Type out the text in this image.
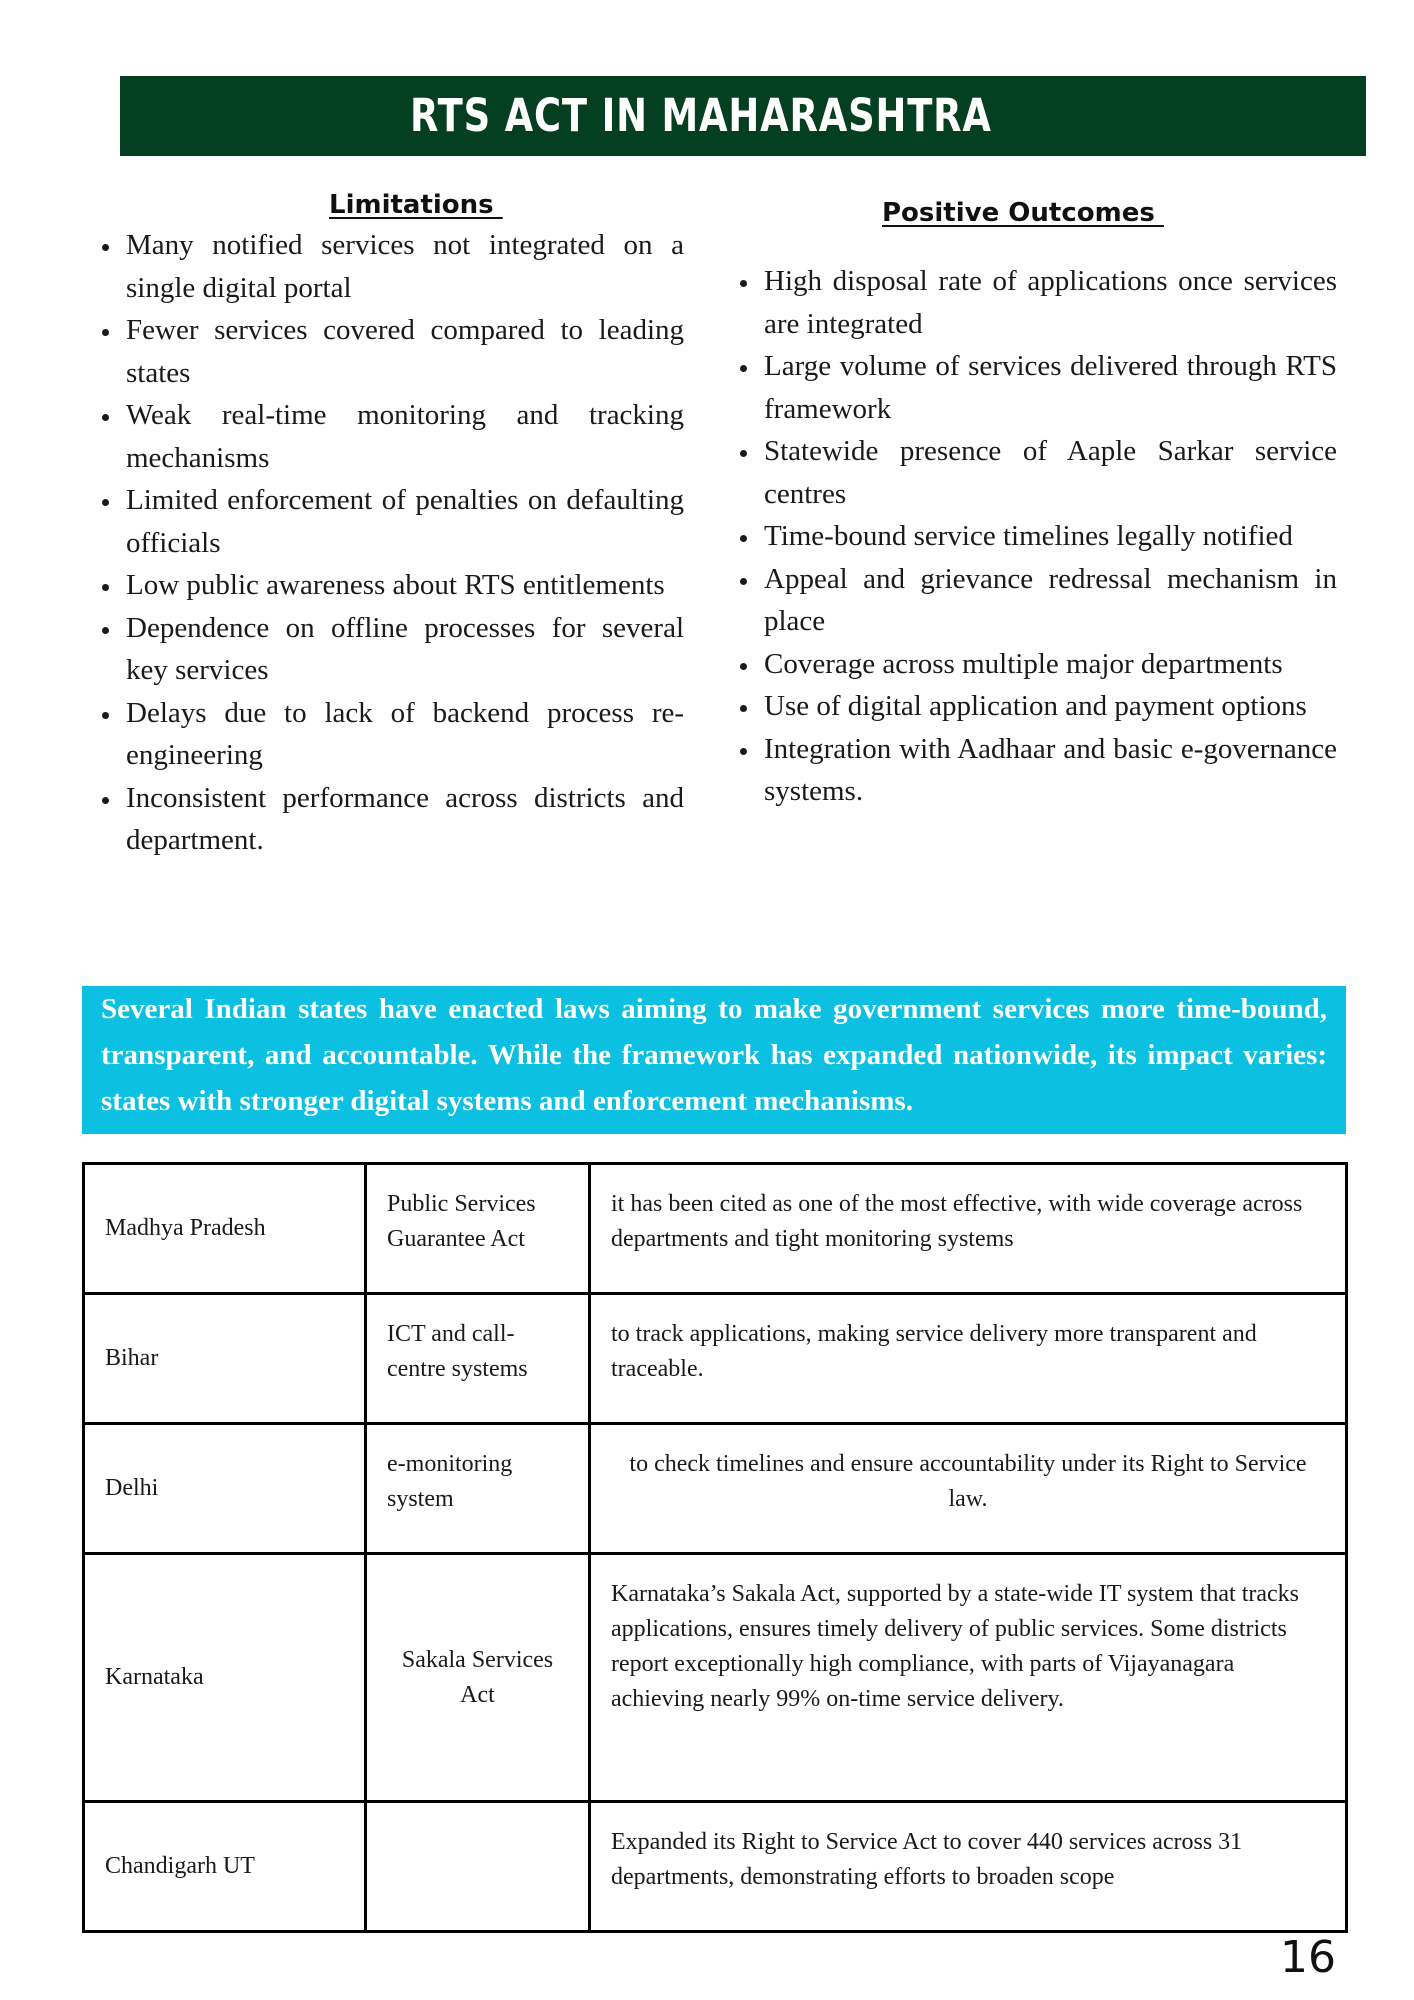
RTS ACT IN MAHARASHTRA
Limitations
Many notified services not integrated on a single digital portal
Fewer services covered compared to leading states
Weak real-time monitoring and tracking mechanisms
Limited enforcement of penalties on defaulting officials
Low public awareness about RTS entitlements
Dependence on offline processes for several key services
Delays due to lack of backend process re-engineering
Inconsistent performance across districts and department.
Positive Outcomes
High disposal rate of applications once services are integrated
Large volume of services delivered through RTS framework
Statewide presence of Aaple Sarkar service centres
Time-bound service timelines legally notified
Appeal and grievance redressal mechanism in place
Coverage across multiple major departments
Use of digital application and payment options
Integration with Aadhaar and basic e-governance systems.

Several Indian states have enacted laws aiming to make government services more time-bound, transparent, and accountable. While the framework has expanded nationwide, its impact varies: states with stronger digital systems and enforcement mechanisms.

Madhya Pradesh	Public Services Guarantee Act	it has been cited as one of the most effective, with wide coverage across departments and tight monitoring systems
Bihar	ICT and call-centre systems	to track applications, making service delivery more transparent and traceable.
Delhi	e-monitoring system	to check timelines and ensure accountability under its Right to Service law.
Karnataka	Sakala Services Act	Karnataka’s Sakala Act, supported by a state-wide IT system that tracks applications, ensures timely delivery of public services. Some districts report exceptionally high compliance, with parts of Vijayanagara achieving nearly 99% on-time service delivery.
Chandigarh UT		Expanded its Right to Service Act to cover 440 services across 31 departments, demonstrating efforts to broaden scope
16
